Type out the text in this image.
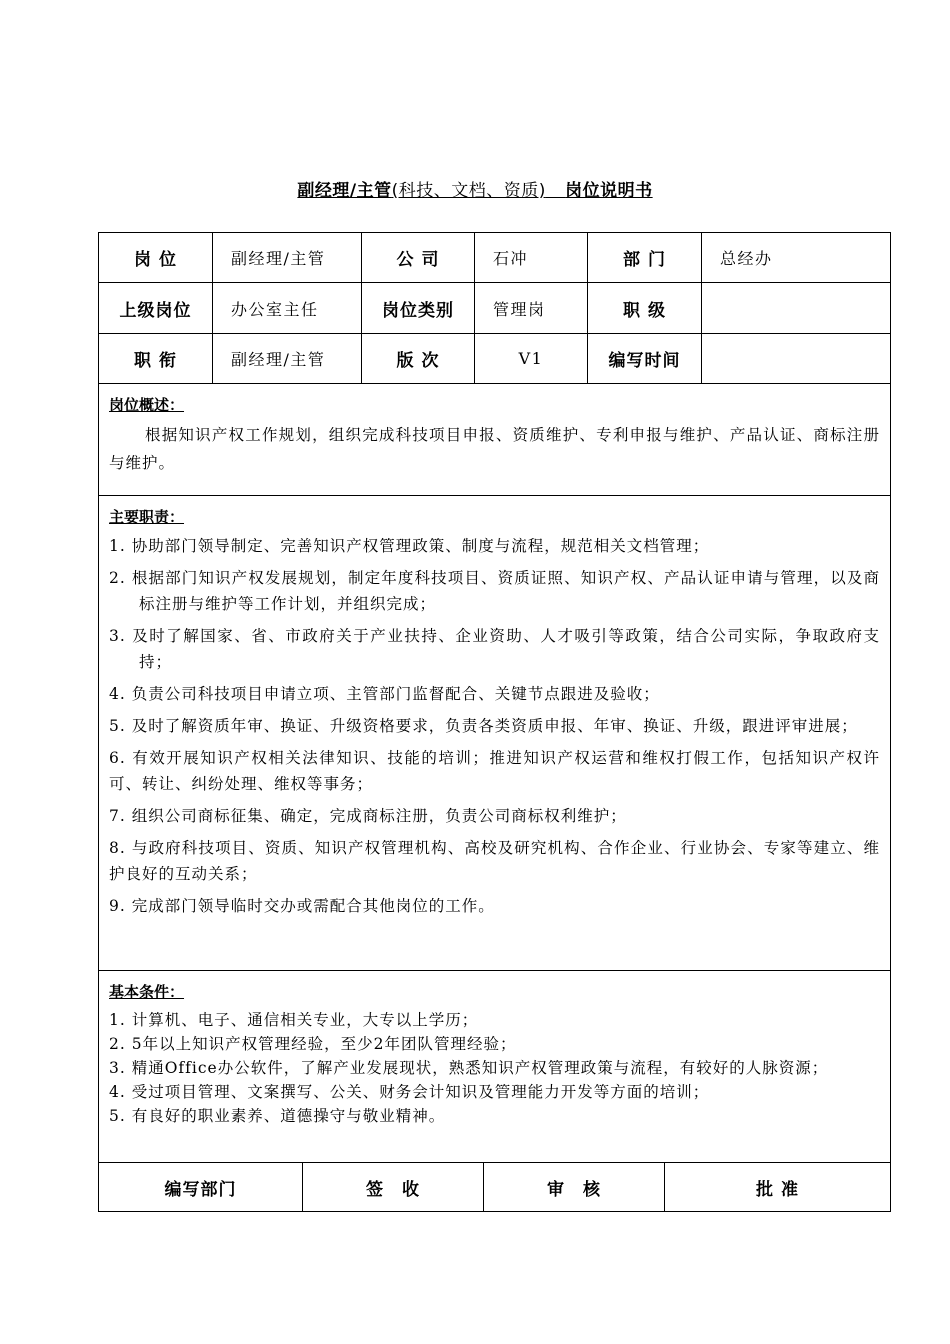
副经理/主管(科技、文档、资质) 岗位说明书
岗 位	副经理/主管	公 司	石冲	部 门	总经办
上级岗位	办公室主任	岗位类别	管理岗	职 级
职 衔	副经理/主管	版 次	V1	编写时间
岗位概述：
根据知识产权工作规划，组织完成科技项目申报、资质维护、专利申报与维护、产品认证、商标注册与维护。
主要职责：
1. 协助部门领导制定、完善知识产权管理政策、制度与流程，规范相关文档管理；
2. 根据部门知识产权发展规划，制定年度科技项目、资质证照、知识产权、产品认证申请与管理，以及商标注册与维护等工作计划，并组织完成；
3. 及时了解国家、省、市政府关于产业扶持、企业资助、人才吸引等政策，结合公司实际，争取政府支持；
4. 负责公司科技项目申请立项、主管部门监督配合、关键节点跟进及验收；
5. 及时了解资质年审、换证、升级资格要求，负责各类资质申报、年审、换证、升级，跟进评审进展；
6. 有效开展知识产权相关法律知识、技能的培训；推进知识产权运营和维权打假工作，包括知识产权许可、转让、纠纷处理、维权等事务；
7. 组织公司商标征集、确定，完成商标注册，负责公司商标权利维护；
8. 与政府科技项目、资质、知识产权管理机构、高校及研究机构、合作企业、行业协会、专家等建立、维护良好的互动关系；
9. 完成部门领导临时交办或需配合其他岗位的工作。
基本条件：
1. 计算机、电子、通信相关专业，大专以上学历；
2. 5年以上知识产权管理经验，至少2年团队管理经验；
3. 精通Office办公软件，了解产业发展现状，熟悉知识产权管理政策与流程，有较好的人脉资源；
4. 受过项目管理、文案撰写、公关、财务会计知识及管理能力开发等方面的培训；
5. 有良好的职业素养、道德操守与敬业精神。
编写部门	签　收	审　核	批 准
